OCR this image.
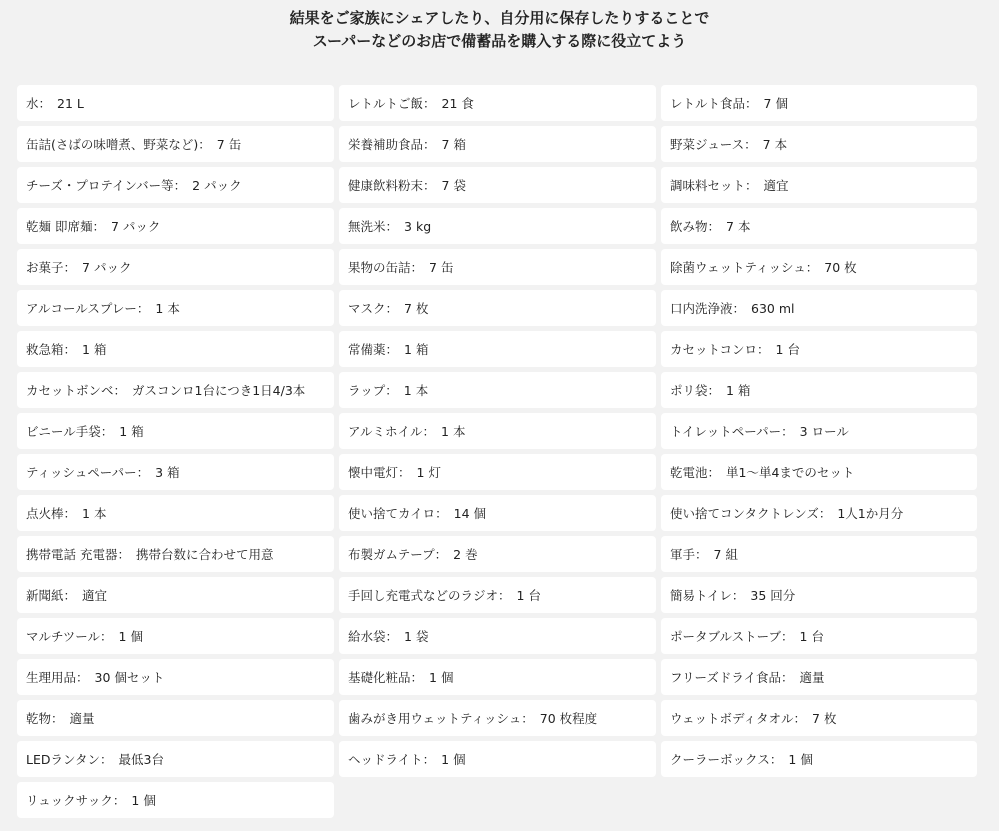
結果をご家族にシェアしたり、自分用に保存したりすることで
スーパーなどのお店で備蓄品を購入する際に役立てよう
水 ： 21 L	レトルトご飯 ： 21 食	レトルト食品 ： 7 個
缶詰(さばの味噌煮、野菜など) ： 7 缶	栄養補助食品 ： 7 箱	野菜ジュース ： 7 本
チーズ・プロテインバー等 ： 2 パック	健康飲料粉末 ： 7 袋	調味料セット ： 適宜
乾麺 即席麺 ： 7 パック	無洗米 ： 3 kg	飲み物 ： 7 本
お菓子 ： 7 パック	果物の缶詰 ： 7 缶	除菌ウェットティッシュ ： 70 枚
アルコールスプレー ： 1 本	マスク ： 7 枚	口内洗浄液 ： 630 ml
救急箱 ： 1 箱	常備薬 ： 1 箱	カセットコンロ ： 1 台
カセットボンベ ： ガスコンロ1台につき1日4/3本	ラップ ： 1 本	ポリ袋 ： 1 箱
ビニール手袋 ： 1 箱	アルミホイル ： 1 本	トイレットペーパー ： 3 ロール
ティッシュペーパー ： 3 箱	懐中電灯 ： 1 灯	乾電池 ： 単1〜単4までのセット
点火棒 ： 1 本	使い捨てカイロ ： 14 個	使い捨てコンタクトレンズ ： 1人1か月分
携帯電話 充電器 ： 携帯台数に合わせて用意	布製ガムテープ ： 2 巻	軍手 ： 7 組
新聞紙 ： 適宜	手回し充電式などのラジオ ： 1 台	簡易トイレ ： 35 回分
マルチツール ： 1 個	給水袋 ： 1 袋	ポータブルストーブ ： 1 台
生理用品 ： 30 個セット	基礎化粧品 ： 1 個	フリーズドライ食品 ： 適量
乾物 ： 適量	歯みがき用ウェットティッシュ ： 70 枚程度	ウェットボディタオル ： 7 枚
LEDランタン ： 最低3台	ヘッドライト ： 1 個	クーラーボックス ： 1 個
リュックサック ： 1 個
